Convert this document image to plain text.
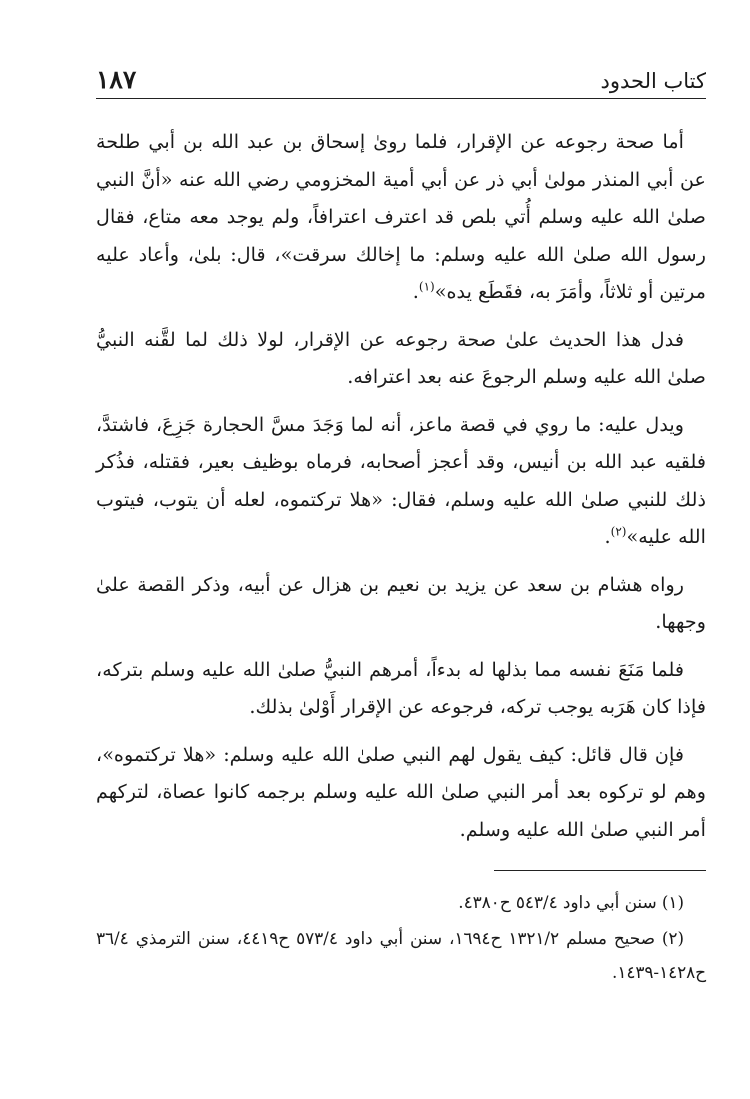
كتاب الحدود
١٨٧

أما صحة رجوعه عن الإقرار، فلما روىٰ إسحاق بن عبد الله بن أبي طلحة عن أبي المنذر مولىٰ أبي ذر عن أبي أمية المخزومي رضي الله عنه «أنَّ النبي صلىٰ الله عليه وسلم أُتي بلص قد اعترف اعترافاً، ولم يوجد معه متاع، فقال رسول الله صلىٰ الله عليه وسلم: ما إخالك سرقت»، قال: بلىٰ، وأعاد عليه مرتين أو ثلاثاً، وأمَرَ به، فقَطَع يده»$^{(١)}$.

فدل هذا الحديث علىٰ صحة رجوعه عن الإقرار، لولا ذلك لما لقَّنه النبيُّ صلىٰ الله عليه وسلم الرجوعَ عنه بعد اعترافه.

ويدل عليه: ما روي في قصة ماعز، أنه لما وَجَدَ مسَّ الحجارة جَزِعَ، فاشتدَّ، فلقيه عبد الله بن أنيس، وقد أعجز أصحابه، فرماه بوظيف بعير، فقتله، فذُكر ذلك للنبي صلىٰ الله عليه وسلم، فقال: «هلا تركتموه، لعله أن يتوب، فيتوب الله عليه»$^{(٢)}$.

رواه هشام بن سعد عن يزيد بن نعيم بن هزال عن أبيه، وذكر القصة علىٰ وجهها.

فلما مَنَعَ نفسه مما بذلها له بدءاً، أمرهم النبيُّ صلىٰ الله عليه وسلم بتركه، فإذا كان هَرَبه يوجب تركه، فرجوعه عن الإقرار أَوْلىٰ بذلك.

فإن قال قائل: كيف يقول لهم النبي صلىٰ الله عليه وسلم: «هلا تركتموه»، وهم لو تركوه بعد أمر النبي صلىٰ الله عليه وسلم برجمه كانوا عصاة، لتركهم أمر النبي صلىٰ الله عليه وسلم.

(١) سنن أبي داود ٥٤٣/٤ ح٤٣٨٠.

(٢) صحيح مسلم ١٣٢١/٢ ح١٦٩٤، سنن أبي داود ٥٧٣/٤ ح٤٤١٩، سنن الترمذي ٣٦/٤ ح١٤٢٨-١٤٣٩.
